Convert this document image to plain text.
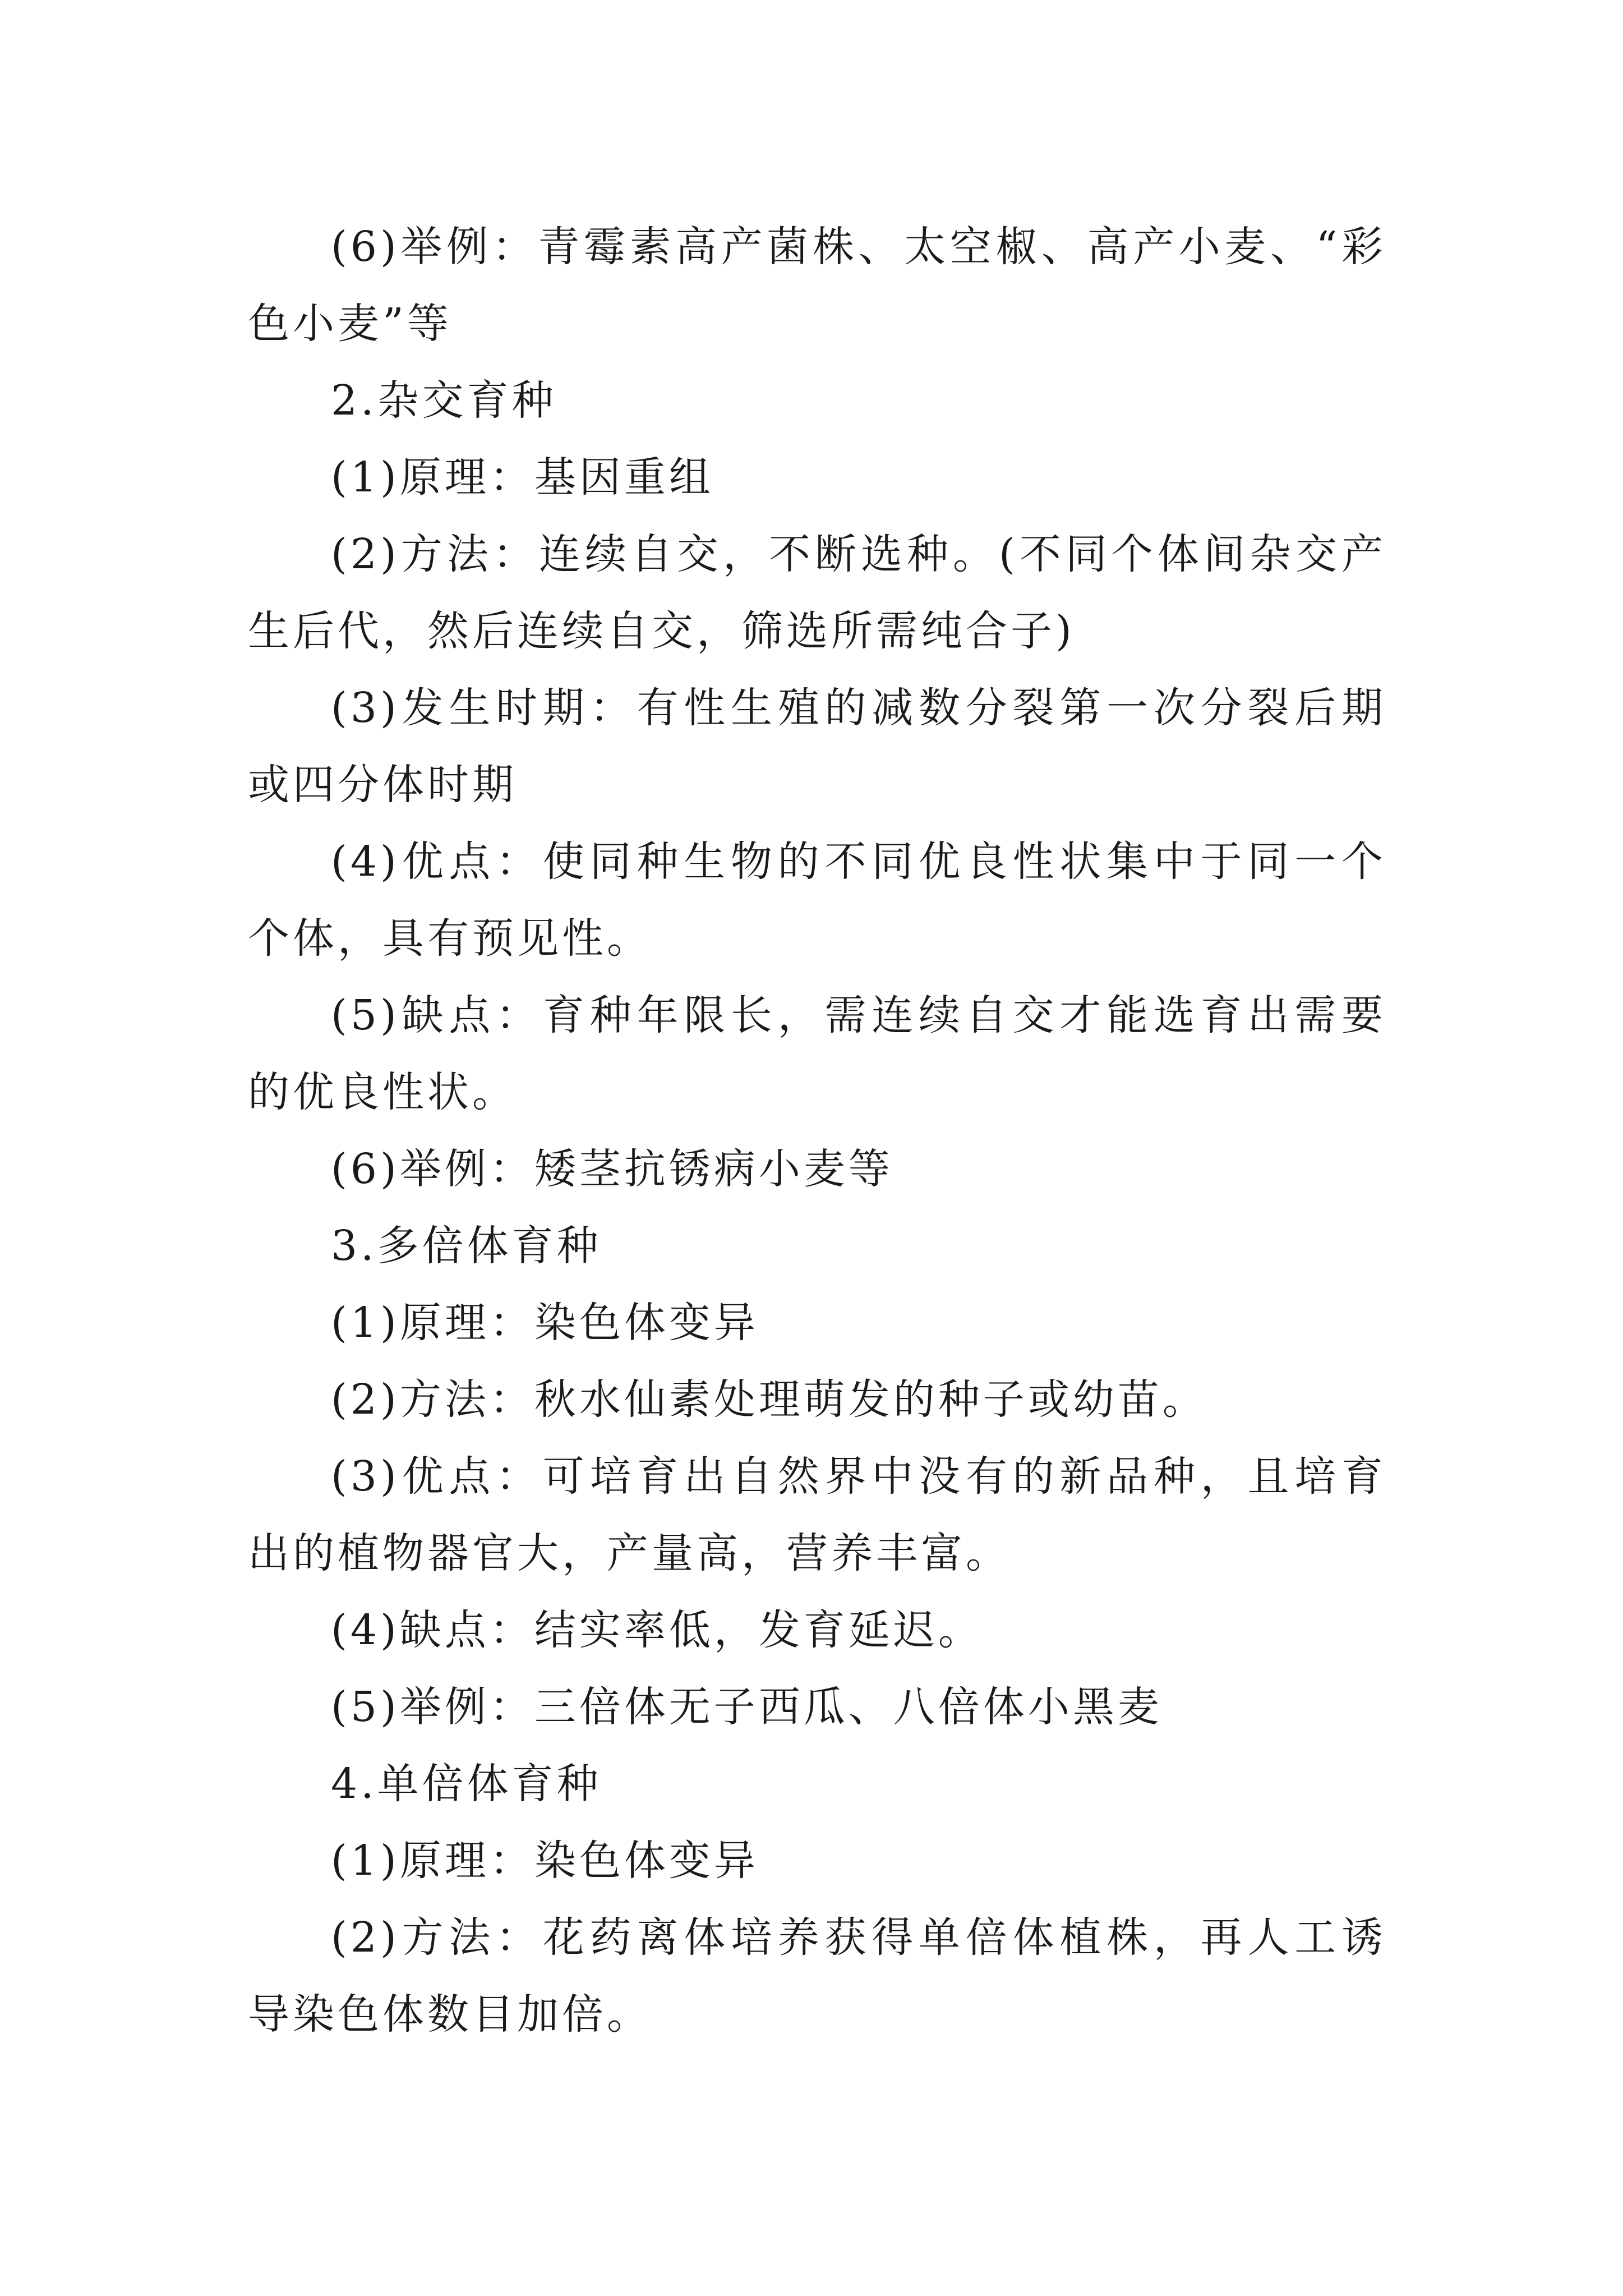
(6)举例：青霉素高产菌株、太空椒、高产小麦、“彩色小麦”等

2.杂交育种

(1)原理：基因重组

(2)方法：连续自交，不断选种。(不同个体间杂交产生后代，然后连续自交，筛选所需纯合子)

(3)发生时期：有性生殖的减数分裂第一次分裂后期或四分体时期

(4)优点：使同种生物的不同优良性状集中于同一个个体，具有预见性。

(5)缺点：育种年限长，需连续自交才能选育出需要的优良性状。

(6)举例：矮茎抗锈病小麦等

3.多倍体育种

(1)原理：染色体变异

(2)方法：秋水仙素处理萌发的种子或幼苗。

(3)优点：可培育出自然界中没有的新品种，且培育出的植物器官大，产量高，营养丰富。

(4)缺点：结实率低，发育延迟。

(5)举例：三倍体无子西瓜、八倍体小黑麦

4.单倍体育种

(1)原理：染色体变异

(2)方法：花药离体培养获得单倍体植株，再人工诱导染色体数目加倍。
